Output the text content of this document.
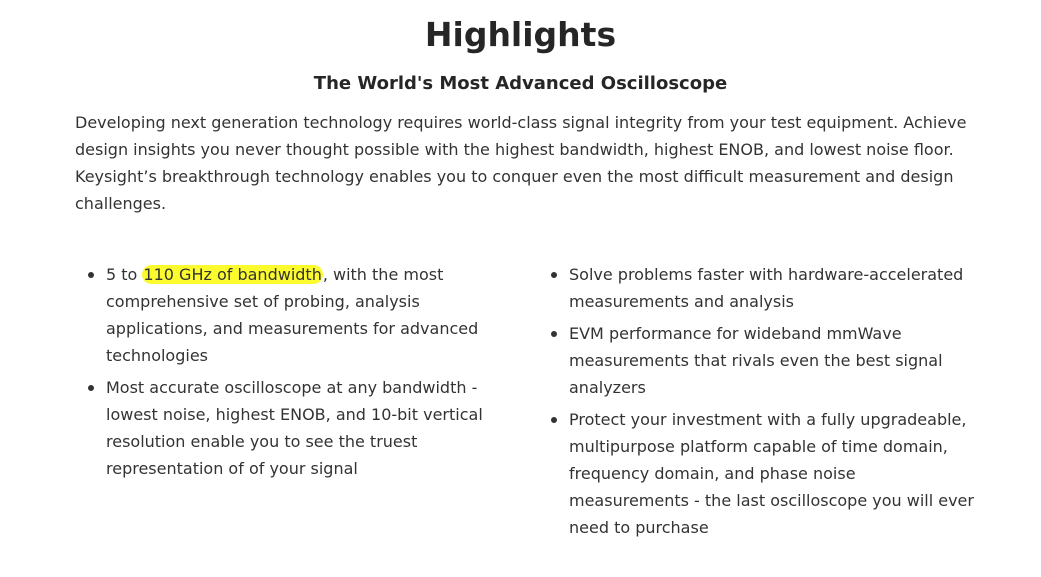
Highlights
The World's Most Advanced Oscilloscope

Developing next generation technology requires world-class signal integrity from your test equipment. Achieve design insights you never thought possible with the highest bandwidth, highest ENOB, and lowest noise floor. Keysight’s breakthrough technology enables you to conquer even the most difficult measurement and design challenges.

5 to 110 GHz of bandwidth, with the most comprehensive set of probing, analysis applications, and measurements for advanced technologies
Most accurate oscilloscope at any bandwidth - lowest noise, highest ENOB, and 10-bit vertical resolution enable you to see the truest representation of of your signal
Solve problems faster with hardware-accelerated measurements and analysis
EVM performance for wideband mmWave measurements that rivals even the best signal analyzers
Protect your investment with a fully upgradeable, multipurpose platform capable of time domain, frequency domain, and phase noise measurements - the last oscilloscope you will ever need to purchase
